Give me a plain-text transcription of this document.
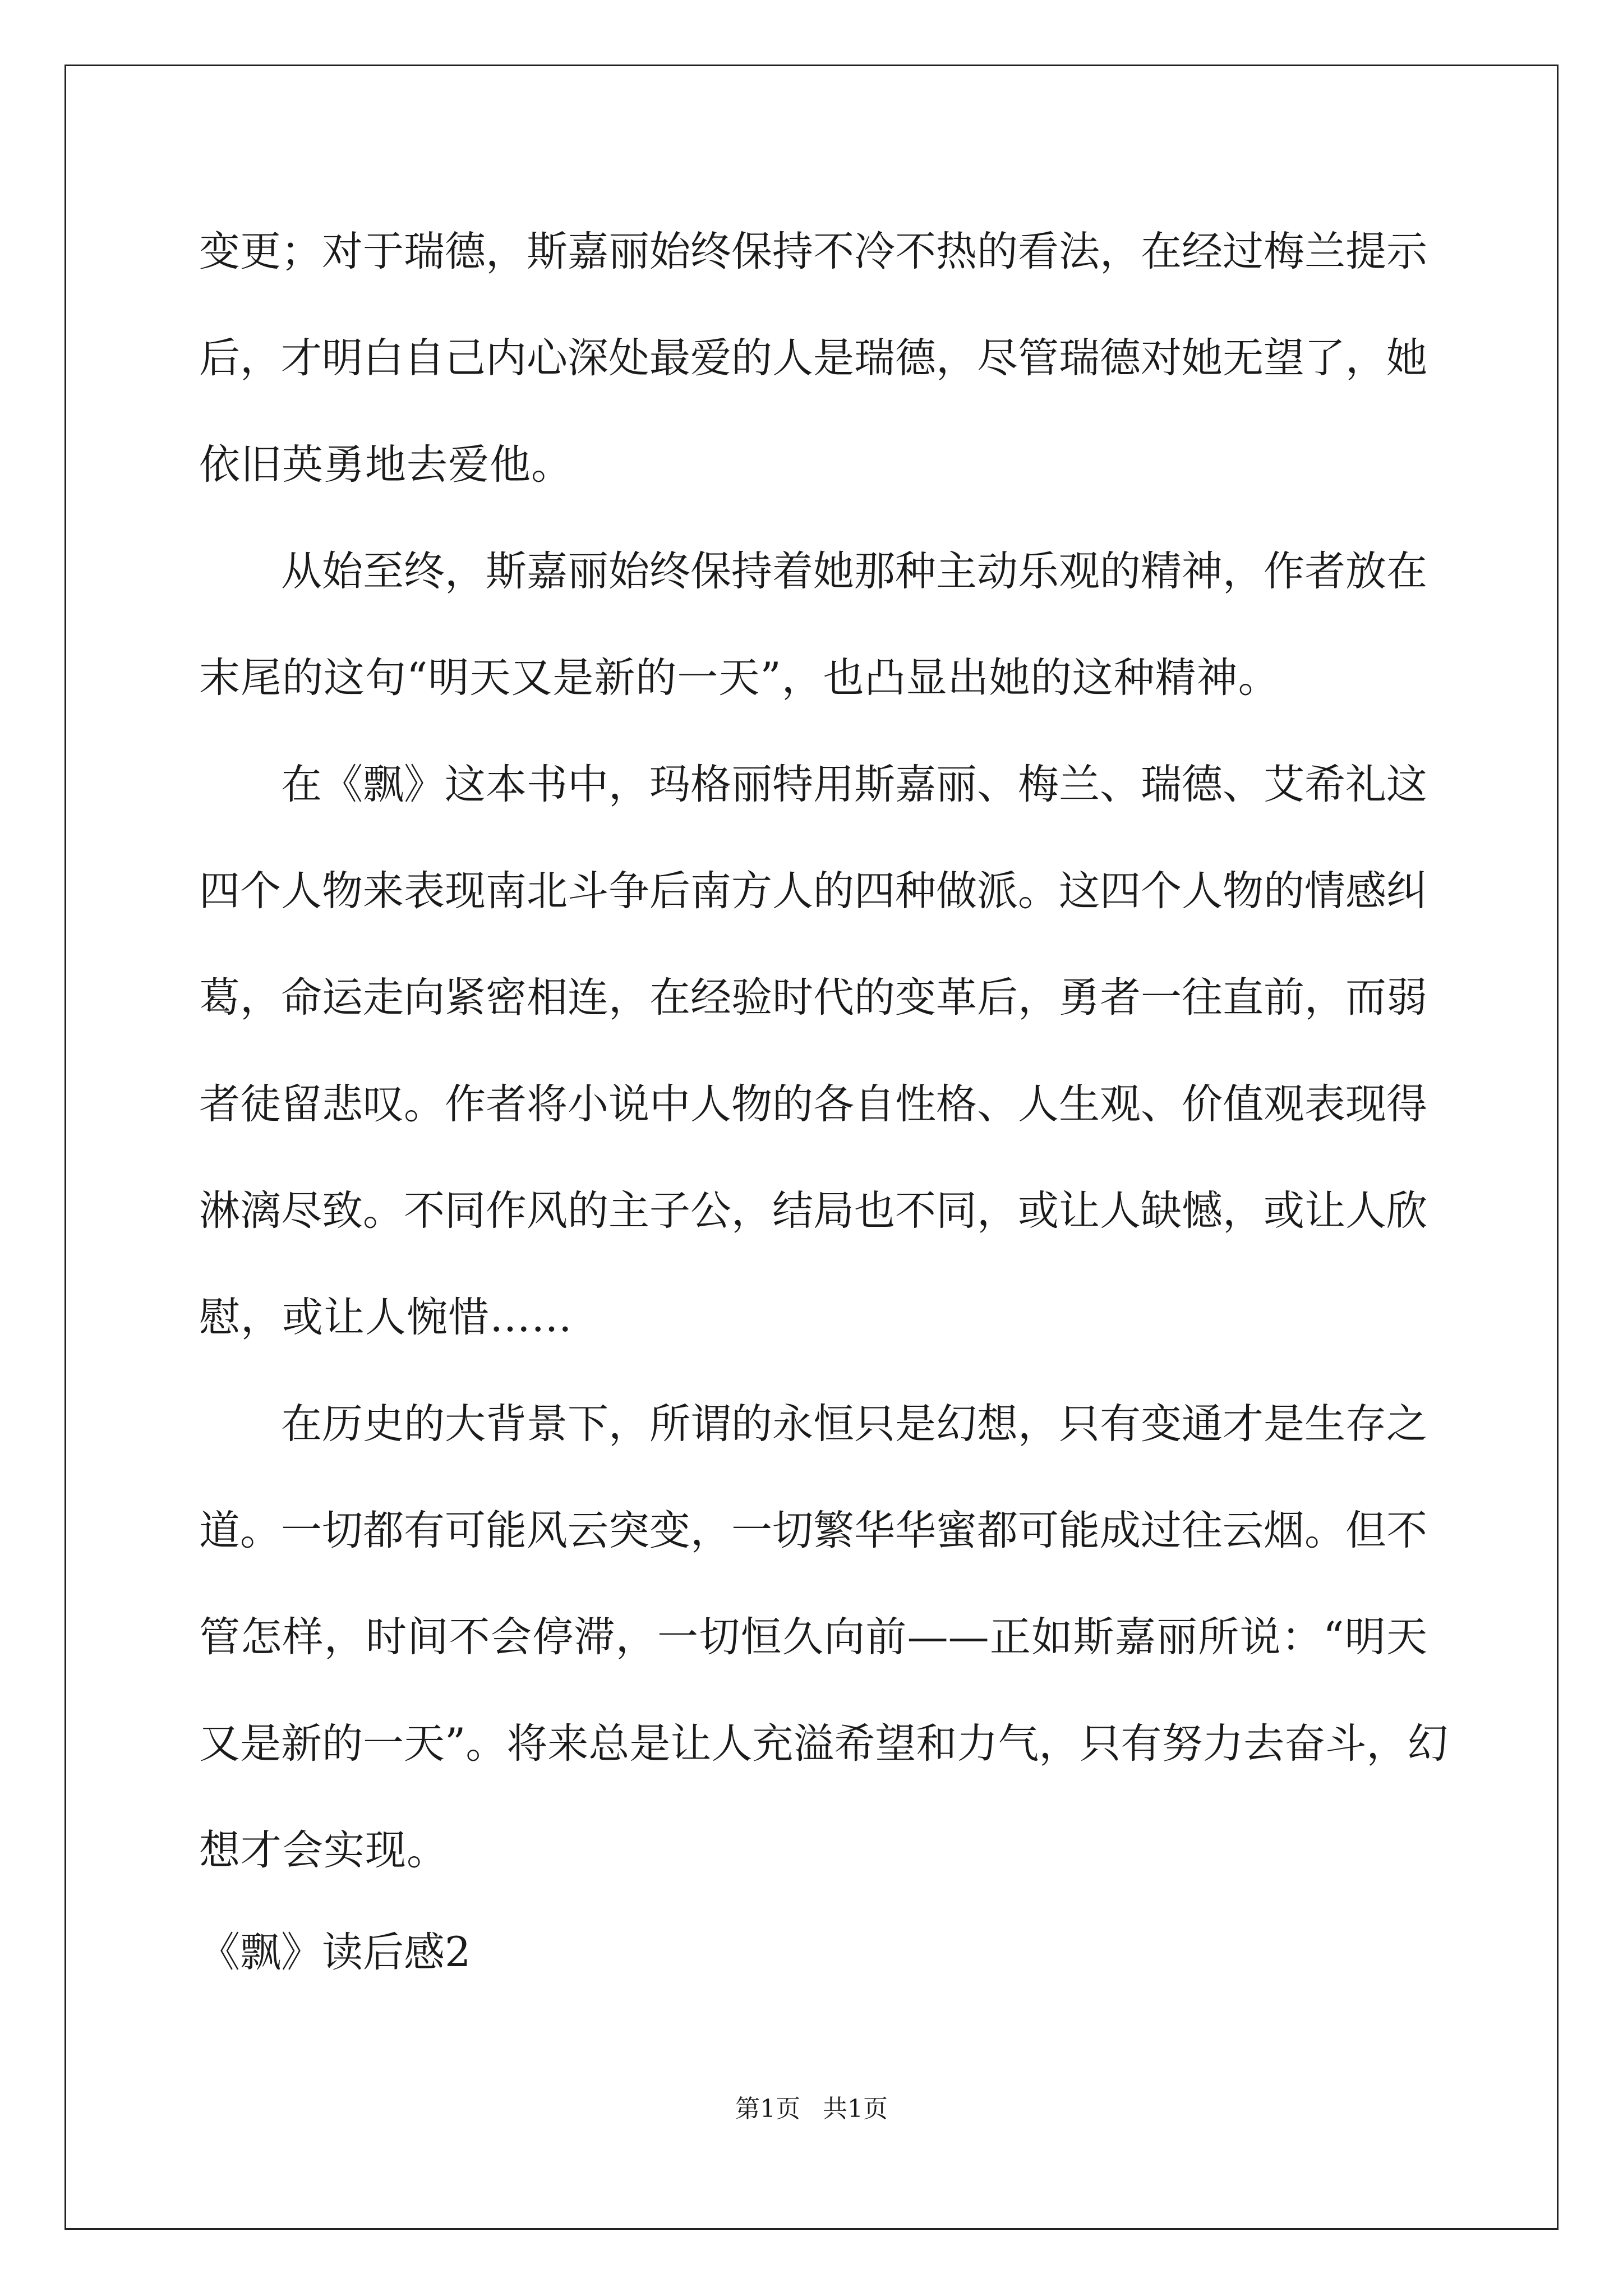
变更；对于瑞德，斯嘉丽始终保持不冷不热的看法，在经过梅兰提示
后，才明白自己内心深处最爱的人是瑞德，尽管瑞德对她无望了，她
依旧英勇地去爱他。
从始至终，斯嘉丽始终保持着她那种主动乐观的精神，作者放在
末尾的这句“明天又是新的一天”，也凸显出她的这种精神。
在《飘》这本书中，玛格丽特用斯嘉丽、梅兰、瑞德、艾希礼这
四个人物来表现南北斗争后南方人的四种做派。这四个人物的情感纠
葛，命运走向紧密相连，在经验时代的变革后，勇者一往直前，而弱
者徒留悲叹。作者将小说中人物的各自性格、人生观、价值观表现得
淋漓尽致。不同作风的主子公，结局也不同，或让人缺憾，或让人欣
慰，或让人惋惜……
在历史的大背景下，所谓的永恒只是幻想，只有变通才是生存之
道。一切都有可能风云突变，一切繁华华蜜都可能成过往云烟。但不
管怎样，时间不会停滞，一切恒久向前——正如斯嘉丽所说：“明天
又是新的一天”。将来总是让人充溢希望和力气，只有努力去奋斗，幻
想才会实现。
《飘》读后感2
第1页 共1页
